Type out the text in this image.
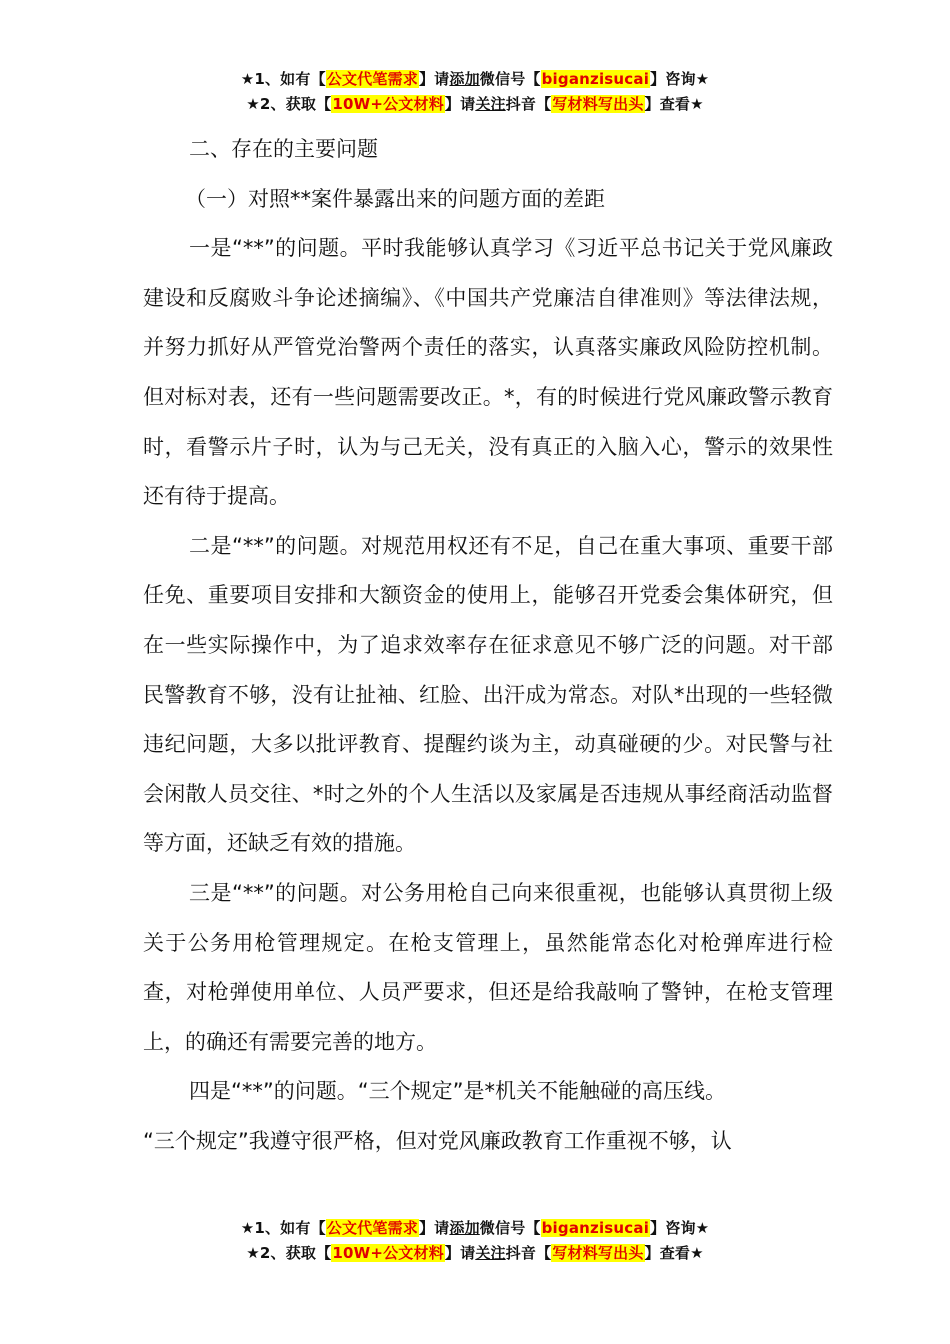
★1、如有【公文代笔需求】请添加微信号【biganzisucai】咨询★
★2、获取【10W+公文材料】请关注抖音【写材料写出头】查看★

二、存在的主要问题

（一）对照**案件暴露出来的问题方面的差距

一是“**”的问题。平时我能够认真学习《习近平总书记关于党风廉政建设和反腐败斗争论述摘编》、《中国共产党廉洁自律准则》等法律法规，并努力抓好从严管党治警两个责任的落实，认真落实廉政风险防控机制。但对标对表，还有一些问题需要改正。*，有的时候进行党风廉政警示教育时，看警示片子时，认为与己无关，没有真正的入脑入心，警示的效果性还有待于提高。

二是“**”的问题。对规范用权还有不足，自己在重大事项、重要干部任免、重要项目安排和大额资金的使用上，能够召开党委会集体研究，但在一些实际操作中，为了追求效率存在征求意见不够广泛的问题。对干部民警教育不够，没有让扯袖、红脸、出汗成为常态。对队*出现的一些轻微违纪问题，大多以批评教育、提醒约谈为主，动真碰硬的少。对民警与社会闲散人员交往、*时之外的个人生活以及家属是否违规从事经商活动监督等方面，还缺乏有效的措施。

三是“**”的问题。对公务用枪自己向来很重视，也能够认真贯彻上级关于公务用枪管理规定。在枪支管理上，虽然能常态化对枪弹库进行检查，对枪弹使用单位、人员严要求，但还是给我敲响了警钟，在枪支管理上，的确还有需要完善的地方。

四是“**”的问题。“三个规定”是*机关不能触碰的高压线。

“三个规定”我遵守很严格，但对党风廉政教育工作重视不够，认

★1、如有【公文代笔需求】请添加微信号【biganzisucai】咨询★
★2、获取【10W+公文材料】请关注抖音【写材料写出头】查看★
